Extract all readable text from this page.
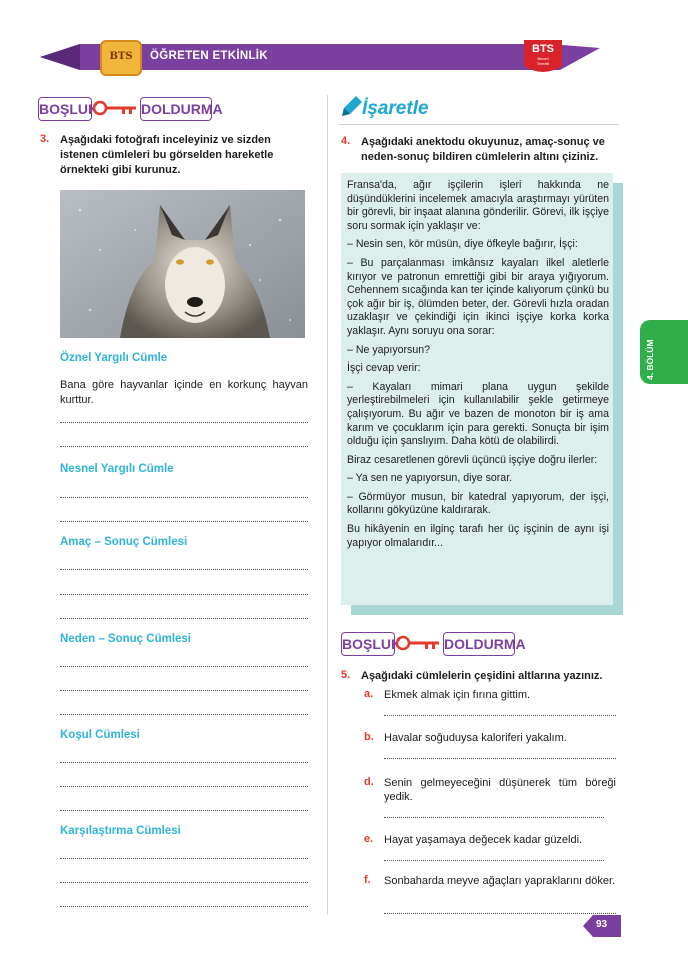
BTS	ÖĞRETEN ETKİNLİK
BTS
Beceri
Temelli
BOŞLUK	DOLDURMA
3. Aşağıdaki fotoğrafı inceleyiniz ve sizden istenen cümleleri bu görselden hareketle örnekteki gibi kurunuz.
Öznel Yargılı Cümle
Bana göre hayvanlar içinde en korkunç hayvan kurttur.
Nesnel Yargılı Cümle
Amaç – Sonuç Cümlesi
Neden – Sonuç Cümlesi
Koşul Cümlesi
Karşılaştırma Cümlesi
İşaretle
4. Aşağıdaki anektodu okuyunuz, amaç-sonuç ve neden-sonuç bildiren cümlelerin altını çiziniz.

Fransa'da, ağır işçilerin işleri hakkında ne düşündüklerini incelemek amacıyla araştırmayı yürüten bir görevli, bir inşaat alanına gönderilir. Görevi, ilk işçiye soru sormak için yaklaşır ve:

– Nesin sen, kör müsün, diye öfkeyle bağırır, İşçi:

– Bu parçalanması imkânsız kayaları ilkel aletlerle kırıyor ve patronun emrettiği gibi bir araya yığıyorum. Cehennem sıcağında kan ter içinde kalıyorum çünkü bu çok ağır bir iş, ölümden beter, der. Görevli hızla oradan uzaklaşır ve çekindiği için ikinci işçiye korka korka yaklaşır. Aynı soruyu ona sorar:

– Ne yapıyorsun?

İşçi cevap verir:

– Kayaları mimari plana uygun şekilde yerleştirebilmeleri için kullanılabilir şekle getirmeye çalışıyorum. Bu ağır ve bazen de monoton bir iş ama karım ve çocuklarım için para gerekti. Sonuçta bir işim olduğu için şanslıyım. Daha kötü de olabilirdi.

Biraz cesaretlenen görevli üçüncü işçiye doğru ilerler:

– Ya sen ne yapıyorsun, diye sorar.

– Görmüyor musun, bir katedral yapıyorum, der işçi, kollarını gökyüzüne kaldırarak.

Bu hikâyenin en ilginç tarafı her üç işçinin de aynı işi yapıyor olmalarıdır...

BOŞLUK	DOLDURMA
5. Aşağıdaki cümlelerin çeşidini altlarına yazınız.
a. Ekmek almak için fırına gittim.
b. Havalar soğuduysa kaloriferi yakalım.
d. Senin gelmeyeceğini düşünerek tüm böreği yedik.
e. Hayat yaşamaya değecek kadar güzeldi.
f. Sonbaharda meyve ağaçları yapraklarını döker.
4. BÖLÜM
93
